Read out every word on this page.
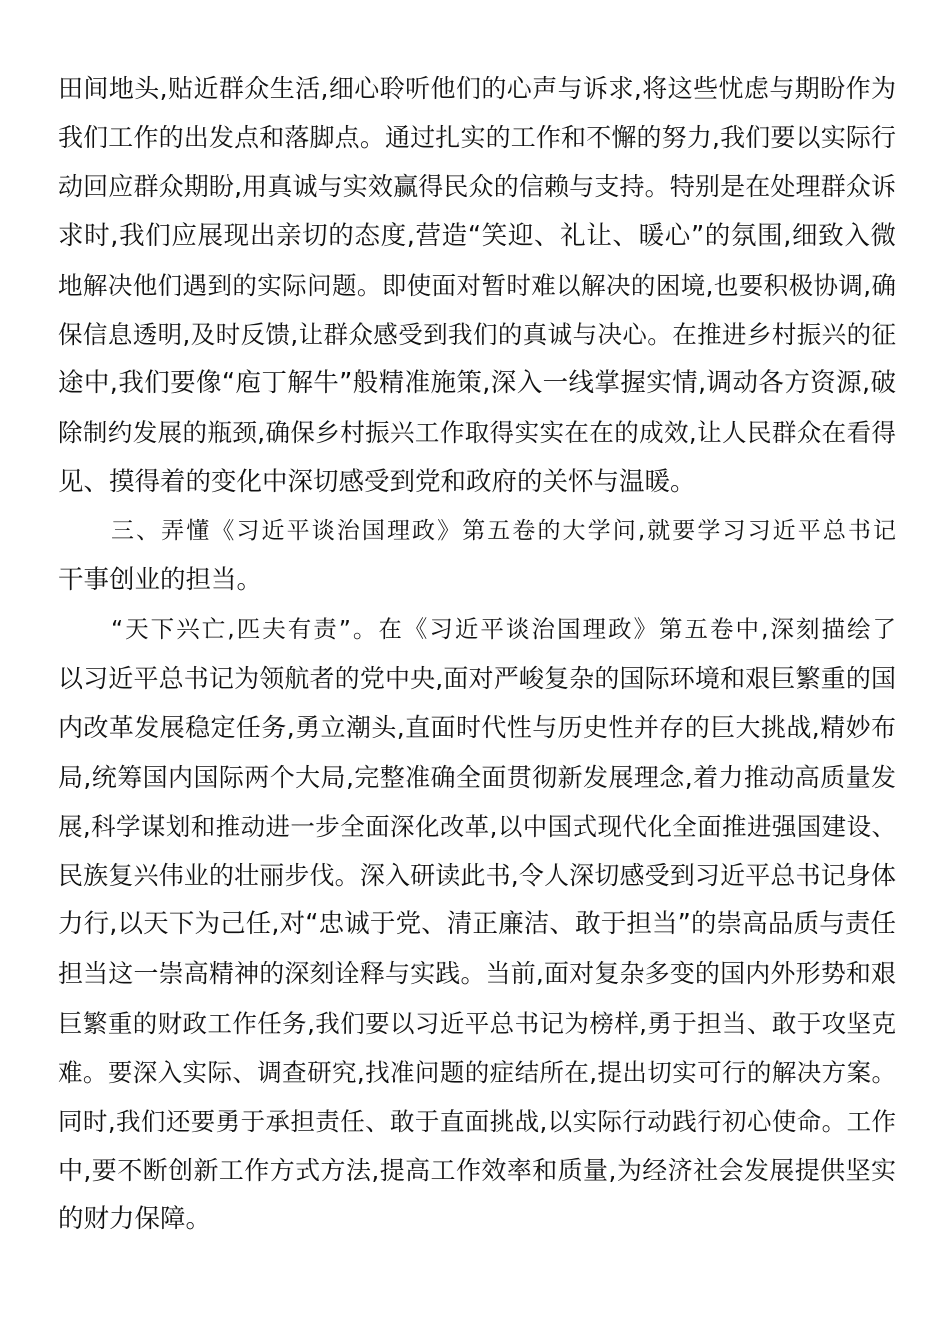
田间地头,贴近群众生活,细心聆听他们的心声与诉求,将这些忧虑与期盼作为
我们工作的出发点和落脚点。通过扎实的工作和不懈的努力,我们要以实际行
动回应群众期盼,用真诚与实效赢得民众的信赖与支持。特别是在处理群众诉
求时,我们应展现出亲切的态度,营造“笑迎、礼让、暖心”的氛围,细致入微
地解决他们遇到的实际问题。即使面对暂时难以解决的困境,也要积极协调,确
保信息透明,及时反馈,让群众感受到我们的真诚与决心。在推进乡村振兴的征
途中,我们要像“庖丁解牛”般精准施策,深入一线掌握实情,调动各方资源,破
除制约发展的瓶颈,确保乡村振兴工作取得实实在在的成效,让人民群众在看得
见、摸得着的变化中深切感受到党和政府的关怀与温暖。
三、弄懂《习近平谈治国理政》第五卷的大学问,就要学习习近平总书记
干事创业的担当。
“天下兴亡,匹夫有责”。在《习近平谈治国理政》第五卷中,深刻描绘了
以习近平总书记为领航者的党中央,面对严峻复杂的国际环境和艰巨繁重的国
内改革发展稳定任务,勇立潮头,直面时代性与历史性并存的巨大挑战,精妙布
局,统筹国内国际两个大局,完整准确全面贯彻新发展理念,着力推动高质量发
展,科学谋划和推动进一步全面深化改革,以中国式现代化全面推进强国建设、
民族复兴伟业的壮丽步伐。深入研读此书,令人深切感受到习近平总书记身体
力行,以天下为己任,对“忠诚于党、清正廉洁、敢于担当”的崇高品质与责任
担当这一崇高精神的深刻诠释与实践。当前,面对复杂多变的国内外形势和艰
巨繁重的财政工作任务,我们要以习近平总书记为榜样,勇于担当、敢于攻坚克
难。要深入实际、调查研究,找准问题的症结所在,提出切实可行的解决方案。
同时,我们还要勇于承担责任、敢于直面挑战,以实际行动践行初心使命。工作
中,要不断创新工作方式方法,提高工作效率和质量,为经济社会发展提供坚实
的财力保障。
